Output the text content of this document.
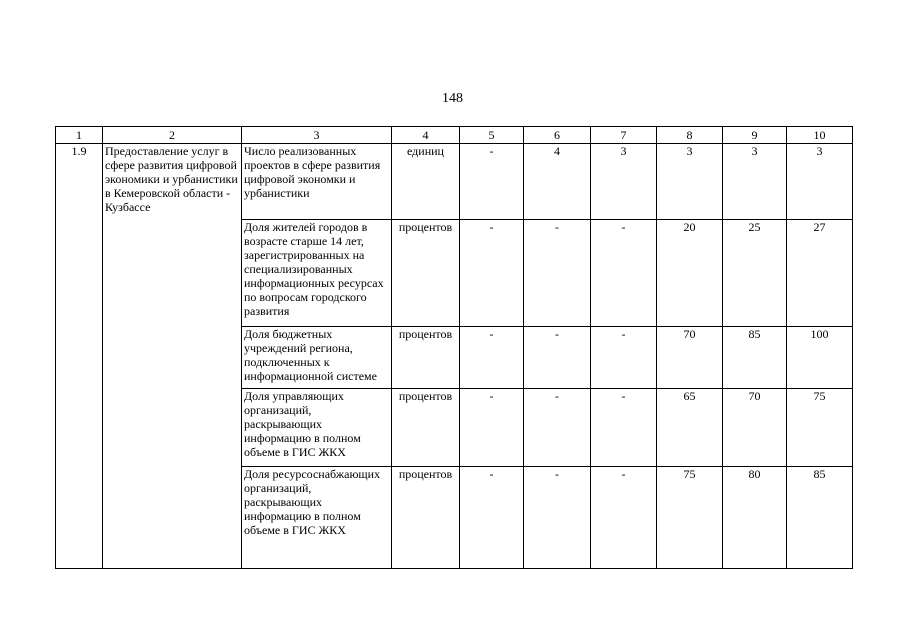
148
1	2	3	4	5	6	7	8	9	10
1.9	Предоставление услуг в сфере развития цифровой экономики и урбанистики в Кемеровской области - Кузбассе	Число реализованных проектов в сфере развития цифровой экономки и урбанистики	единиц	-	4	3	3	3	3
		Доля жителей городов в возрасте старше 14 лет, зарегистрированных на специализированных информационных ресурсах по вопросам городского развития	процентов	-	-	-	20	25	27
		Доля бюджетных учреждений региона, подключенных к информационной системе	процентов	-	-	-	70	85	100
		Доля управляющих организаций, раскрывающих информацию в полном объеме в ГИС ЖКХ	процентов	-	-	-	65	70	75
		Доля ресурсоснабжающих организаций, раскрывающих информацию в полном объеме в ГИС ЖКХ	процентов	-	-	-	75	80	85
